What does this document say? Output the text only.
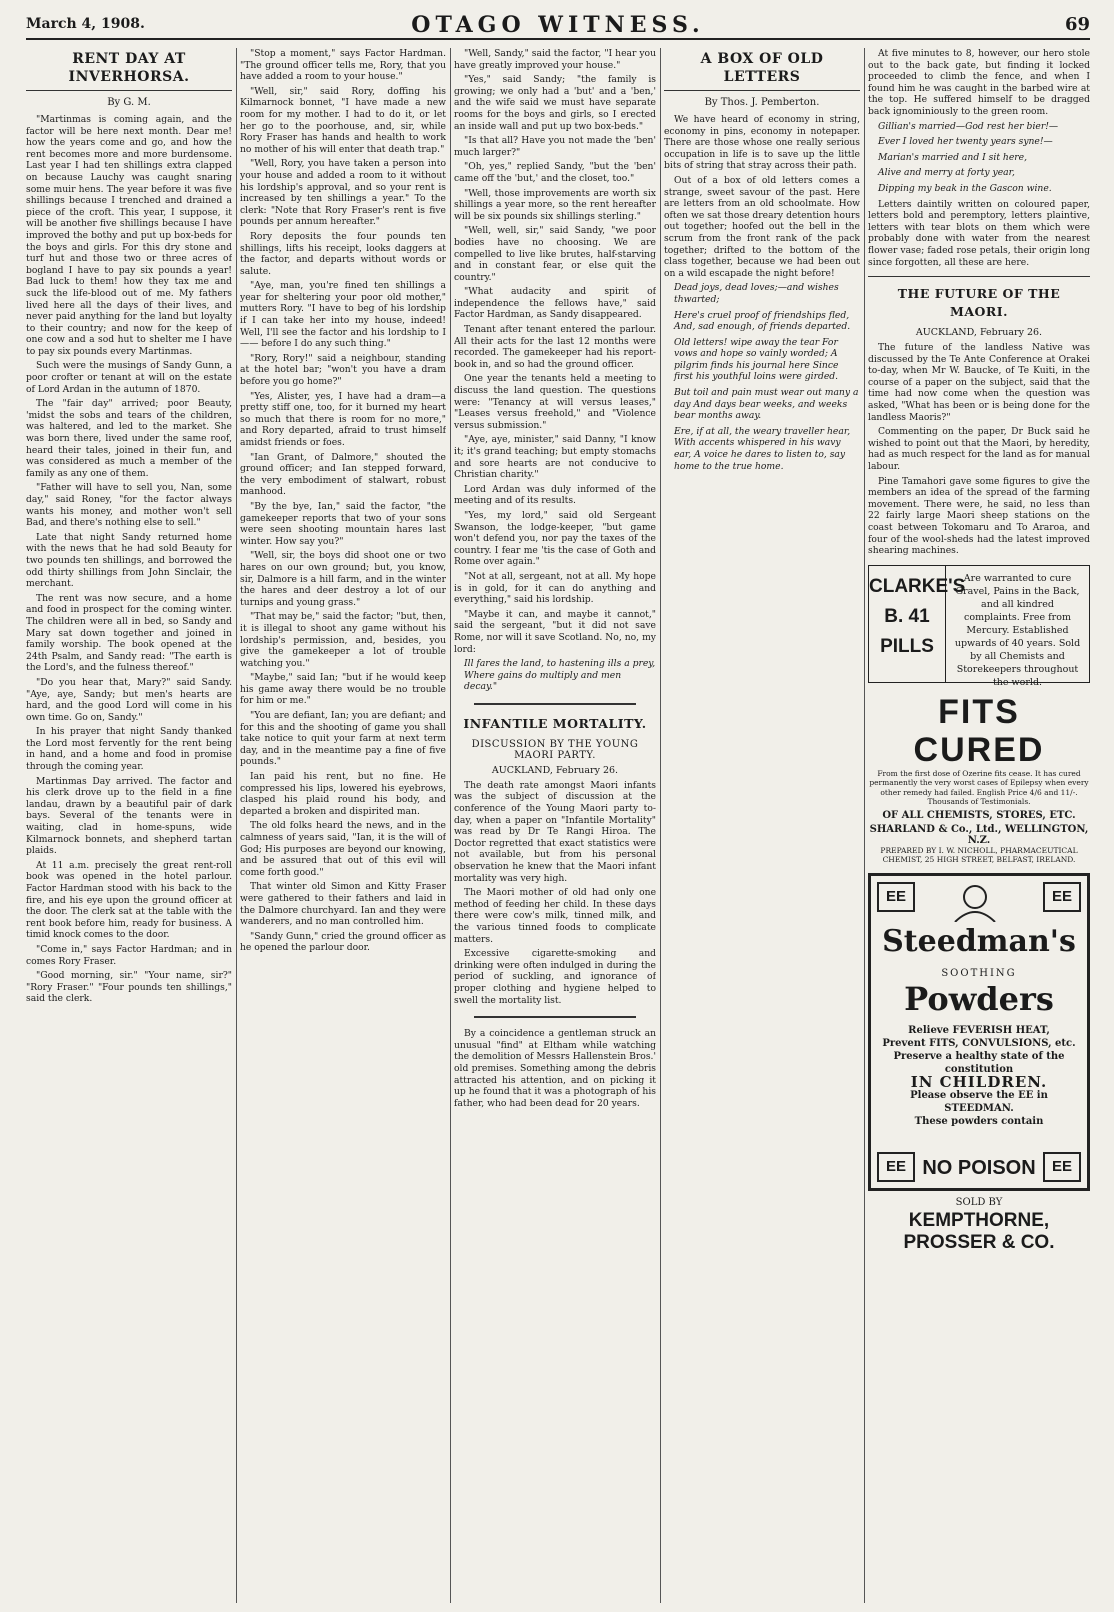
March 4, 1908.	OTAGO WITNESS.	69
RENT DAY AT INVERHORSA.
By G. M.

"Martinmas is coming again, and the factor will be here next month. Dear me! how the years come and go, and how the rent becomes more and more burdensome. Last year I had ten shillings extra clapped on because Lauchy was caught snaring some muir hens. The year before it was five shillings because I trenched and drained a piece of the croft. This year, I suppose, it will be another five shillings because I have improved the bothy and put up box-beds for the boys and girls. For this dry stone and turf hut and those two or three acres of bogland I have to pay six pounds a year! Bad luck to them! how they tax me and suck the life-blood out of me. My fathers lived here all the days of their lives, and never paid anything for the land but loyalty to their country; and now for the keep of one cow and a sod hut to shelter me I have to pay six pounds every Martinmas.

Such were the musings of Sandy Gunn, a poor crofter or tenant at will on the estate of Lord Ardan in the autumn of 1870.

The "fair day" arrived; poor Beauty, 'midst the sobs and tears of the children, was haltered, and led to the market. She was born there, lived under the same roof, heard their tales, joined in their fun, and was considered as much a member of the family as any one of them.

"Father will have to sell you, Nan, some day," said Roney, "for the factor always wants his money, and mother won't sell Bad, and there's nothing else to sell."

Late that night Sandy returned home with the news that he had sold Beauty for two pounds ten shillings, and borrowed the odd thirty shillings from John Sinclair, the merchant.

The rent was now secure, and a home and food in prospect for the coming winter. The children were all in bed, so Sandy and Mary sat down together and joined in family worship. The book opened at the 24th Psalm, and Sandy read: "The earth is the Lord's, and the fulness thereof."

"Do you hear that, Mary?" said Sandy. "Aye, aye, Sandy; but men's hearts are hard, and the good Lord will come in his own time. Go on, Sandy."

In his prayer that night Sandy thanked the Lord most fervently for the rent being in hand, and a home and food in promise through the coming year.

Martinmas Day arrived. The factor and his clerk drove up to the field in a fine landau, drawn by a beautiful pair of dark bays. Several of the tenants were in waiting, clad in home-spuns, wide Kilmarnock bonnets, and shepherd tartan plaids.

At 11 a.m. precisely the great rent-roll book was opened in the hotel parlour. Factor Hardman stood with his back to the fire, and his eye upon the ground officer at the door. The clerk sat at the table with the rent book before him, ready for business. A timid knock comes to the door.

"Come in," says Factor Hardman; and in comes Rory Fraser.

"Good morning, sir." "Your name, sir?" "Rory Fraser." "Four pounds ten shillings," said the clerk.

"Stop a moment," says Factor Hardman. "The ground officer tells me, Rory, that you have added a room to your house."

"Well, sir," said Rory, doffing his Kilmarnock bonnet, "I have made a new room for my mother. I had to do it, or let her go to the poorhouse, and, sir, while Rory Fraser has hands and health to work no mother of his will enter that death trap."

"Well, Rory, you have taken a person into your house and added a room to it without his lordship's approval, and so your rent is increased by ten shillings a year." To the clerk: "Note that Rory Fraser's rent is five pounds per annum hereafter."

Rory deposits the four pounds ten shillings, lifts his receipt, looks daggers at the factor, and departs without words or salute.

"Aye, man, you're fined ten shillings a year for sheltering your poor old mother," mutters Rory. "I have to beg of his lordship if I can take her into my house, indeed! Well, I'll see the factor and his lordship to I—— before I do any such thing."

"Rory, Rory!" said a neighbour, standing at the hotel bar; "won't you have a dram before you go home?"

"Yes, Alister, yes, I have had a dram—a pretty stiff one, too, for it burned my heart so much that there is room for no more," and Rory departed, afraid to trust himself amidst friends or foes.

"Ian Grant, of Dalmore," shouted the ground officer; and Ian stepped forward, the very embodiment of stalwart, robust manhood.

"By the bye, Ian," said the factor, "the gamekeeper reports that two of your sons were seen shooting mountain hares last winter. How say you?"

"Well, sir, the boys did shoot one or two hares on our own ground; but, you know, sir, Dalmore is a hill farm, and in the winter the hares and deer destroy a lot of our turnips and young grass."

"That may be," said the factor; "but, then, it is illegal to shoot any game without his lordship's permission, and, besides, you give the gamekeeper a lot of trouble watching you."

"Maybe," said Ian; "but if he would keep his game away there would be no trouble for him or me."

"You are defiant, Ian; you are defiant; and for this and the shooting of game you shall take notice to quit your farm at next term day, and in the meantime pay a fine of five pounds."

Ian paid his rent, but no fine. He compressed his lips, lowered his eyebrows, clasped his plaid round his body, and departed a broken and dispirited man.

The old folks heard the news, and in the calmness of years said, "Ian, it is the will of God; His purposes are beyond our knowing, and be assured that out of this evil will come forth good."

That winter old Simon and Kitty Fraser were gathered to their fathers and laid in the Dalmore churchyard. Ian and they were wanderers, and no man controlled him.

"Sandy Gunn," cried the ground officer as he opened the parlour door.

"Well, Sandy," said the factor, "I hear you have greatly improved your house."

"Yes," said Sandy; "the family is growing; we only had a 'but' and a 'ben,' and the wife said we must have separate rooms for the boys and girls, so I erected an inside wall and put up two box-beds."

"Is that all? Have you not made the 'ben' much larger?"

"Oh, yes," replied Sandy, "but the 'ben' came off the 'but,' and the closet, too."

"Well, those improvements are worth six shillings a year more, so the rent hereafter will be six pounds six shillings sterling."

"Well, well, sir," said Sandy, "we poor bodies have no choosing. We are compelled to live like brutes, half-starving and in constant fear, or else quit the country."

"What audacity and spirit of independence the fellows have," said Factor Hardman, as Sandy disappeared.

Tenant after tenant entered the parlour. All their acts for the last 12 months were recorded. The gamekeeper had his report-book in, and so had the ground officer.

One year the tenants held a meeting to discuss the land question. The questions were: "Tenancy at will versus leases," "Leases versus freehold," and "Violence versus submission."

"Aye, aye, minister," said Danny, "I know it; it's grand teaching; but empty stomachs and sore hearts are not conducive to Christian charity."

Lord Ardan was duly informed of the meeting and of its results.

"Yes, my lord," said old Sergeant Swanson, the lodge-keeper, "but game won't defend you, nor pay the taxes of the country. I fear me 'tis the case of Goth and Rome over again."

"Not at all, sergeant, not at all. My hope is in gold, for it can do anything and everything," said his lordship.

"Maybe it can, and maybe it cannot," said the sergeant, "but it did not save Rome, nor will it save Scotland. No, no, my lord:

Ill fares the land, to hastening ills a prey, Where gains do multiply and men decay."
INFANTILE MORTALITY.
DISCUSSION BY THE YOUNG MAORI PARTY.
AUCKLAND, February 26.

The death rate amongst Maori infants was the subject of discussion at the conference of the Young Maori party to-day, when a paper on "Infantile Mortality" was read by Dr Te Rangi Hiroa. The Doctor regretted that exact statistics were not available, but from his personal observation he knew that the Maori infant mortality was very high.

The Maori mother of old had only one method of feeding her child. In these days there were cow's milk, tinned milk, and the various tinned foods to complicate matters.

Excessive cigarette-smoking and drinking were often indulged in during the period of suckling, and ignorance of proper clothing and hygiene helped to swell the mortality list.

By a coincidence a gentleman struck an unusual "find" at Eltham while watching the demolition of Messrs Hallenstein Bros.' old premises. Something among the debris attracted his attention, and on picking it up he found that it was a photograph of his father, who had been dead for 20 years.

A BOX OF OLD LETTERS
By Thos. J. Pemberton.

We have heard of economy in string, economy in pins, economy in notepaper. There are those whose one really serious occupation in life is to save up the little bits of string that stray across their path.

Out of a box of old letters comes a strange, sweet savour of the past. Here are letters from an old schoolmate. How often we sat those dreary detention hours out together; hoofed out the bell in the scrum from the front rank of the pack together; drifted to the bottom of the class together, because we had been out on a wild escapade the night before!

Dead joys, dead loves;—and wishes thwarted;
Here's cruel proof of friendships fled, And, sad enough, of friends departed.
Old letters! wipe away the tear For vows and hope so vainly worded; A pilgrim finds his journal here Since first his youthful loins were girded.
But toil and pain must wear out many a day And days bear weeks, and weeks bear months away.
Ere, if at all, the weary traveller hear, With accents whispered in his wavy ear, A voice he dares to listen to, say home to the true home.

At five minutes to 8, however, our hero stole out to the back gate, but finding it locked proceeded to climb the fence, and when I found him he was caught in the barbed wire at the top. He suffered himself to be dragged back ignominiously to the green room.

Gillian's married—God rest her bier!—
Ever I loved her twenty years syne!—
Marian's married and I sit here,
Alive and merry at forty year,
Dipping my beak in the Gascon wine.

Letters daintily written on coloured paper, letters bold and peremptory, letters plaintive, letters with tear blots on them which were probably done with water from the nearest flower vase; faded rose petals, their origin long since forgotten, all these are here.

THE FUTURE OF THE MAORI.
AUCKLAND, February 26.

The future of the landless Native was discussed by the Te Ante Conference at Orakei to-day, when Mr W. Baucke, of Te Kuiti, in the course of a paper on the subject, said that the time had now come when the question was asked, "What has been or is being done for the landless Maoris?"

Commenting on the paper, Dr Buck said he wished to point out that the Maori, by heredity, had as much respect for the land as for manual labour.

Pine Tamahori gave some figures to give the members an idea of the spread of the farming movement. There were, he said, no less than 22 fairly large Maori sheep stations on the coast between Tokomaru and To Araroa, and four of the wool-sheds had the latest improved shearing machines.

CLARKE'S B. 41 PILLS
Are warranted to cure Gravel, Pains in the Back, and all kindred complaints. Free from Mercury. Established upwards of 40 years. Sold by all Chemists and Storekeepers throughout the world.
FITS CURED
From the first dose of Ozerine fits cease. It has cured permanently the very worst cases of Epilepsy when every other remedy had failed. English Price 4/6 and 11/-. Thousands of Testimonials.
OF ALL CHEMISTS, STORES, ETC.
SHARLAND & Co., Ltd., WELLINGTON, N.Z.
PREPARED BY I. W. NICHOLL, PHARMACEUTICAL CHEMIST, 25 HIGH STREET, BELFAST, IRELAND.
EE	EE
Steedman's
SOOTHING
Powders
Relieve FEVERISH HEAT,
Prevent FITS, CONVULSIONS, etc.
Preserve a healthy state of the constitution
IN CHILDREN.
Please observe the EE in STEEDMAN.
These powders contain
EE NO POISON	EE
SOLD BY
KEMPTHORNE, PROSSER & CO.
